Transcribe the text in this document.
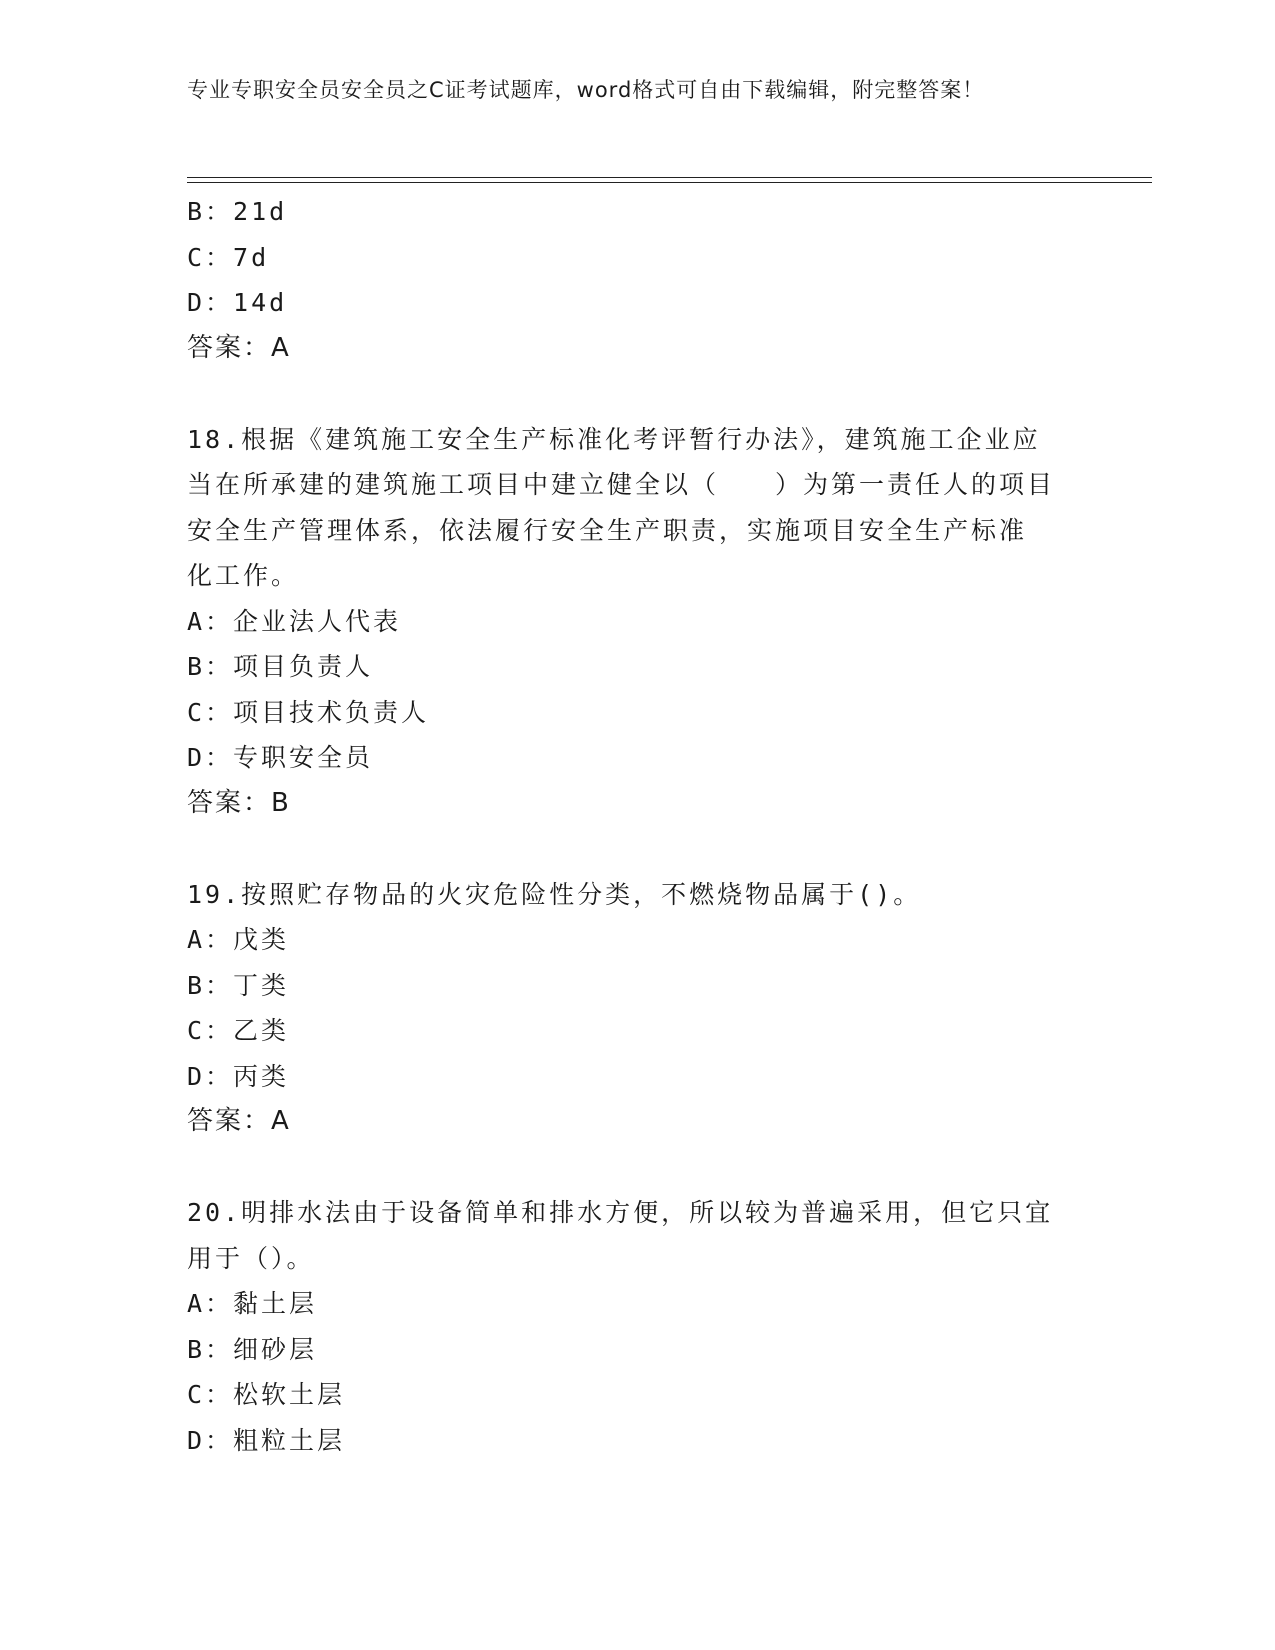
专业专职安全员安全员之C证考试题库，word格式可自由下载编辑，附完整答案！
B：21d
C：7d
D：14d
答案：A
18.根据《建筑施工安全生产标准化考评暂行办法》，建筑施工企业应
当在所承建的建筑施工项目中建立健全以（　　）为第一责任人的项目
安全生产管理体系，依法履行安全生产职责，实施项目安全生产标准
化工作。
A：企业法人代表
B：项目负责人
C：项目技术负责人
D：专职安全员
答案：B
19.按照贮存物品的火灾危险性分类，不燃烧物品属于()。
A：戊类
B：丁类
C：乙类
D：丙类
答案：A
20.明排水法由于设备简单和排水方便，所以较为普遍采用，但它只宜
用于（）。
A：黏土层
B：细砂层
C：松软土层
D：粗粒土层
